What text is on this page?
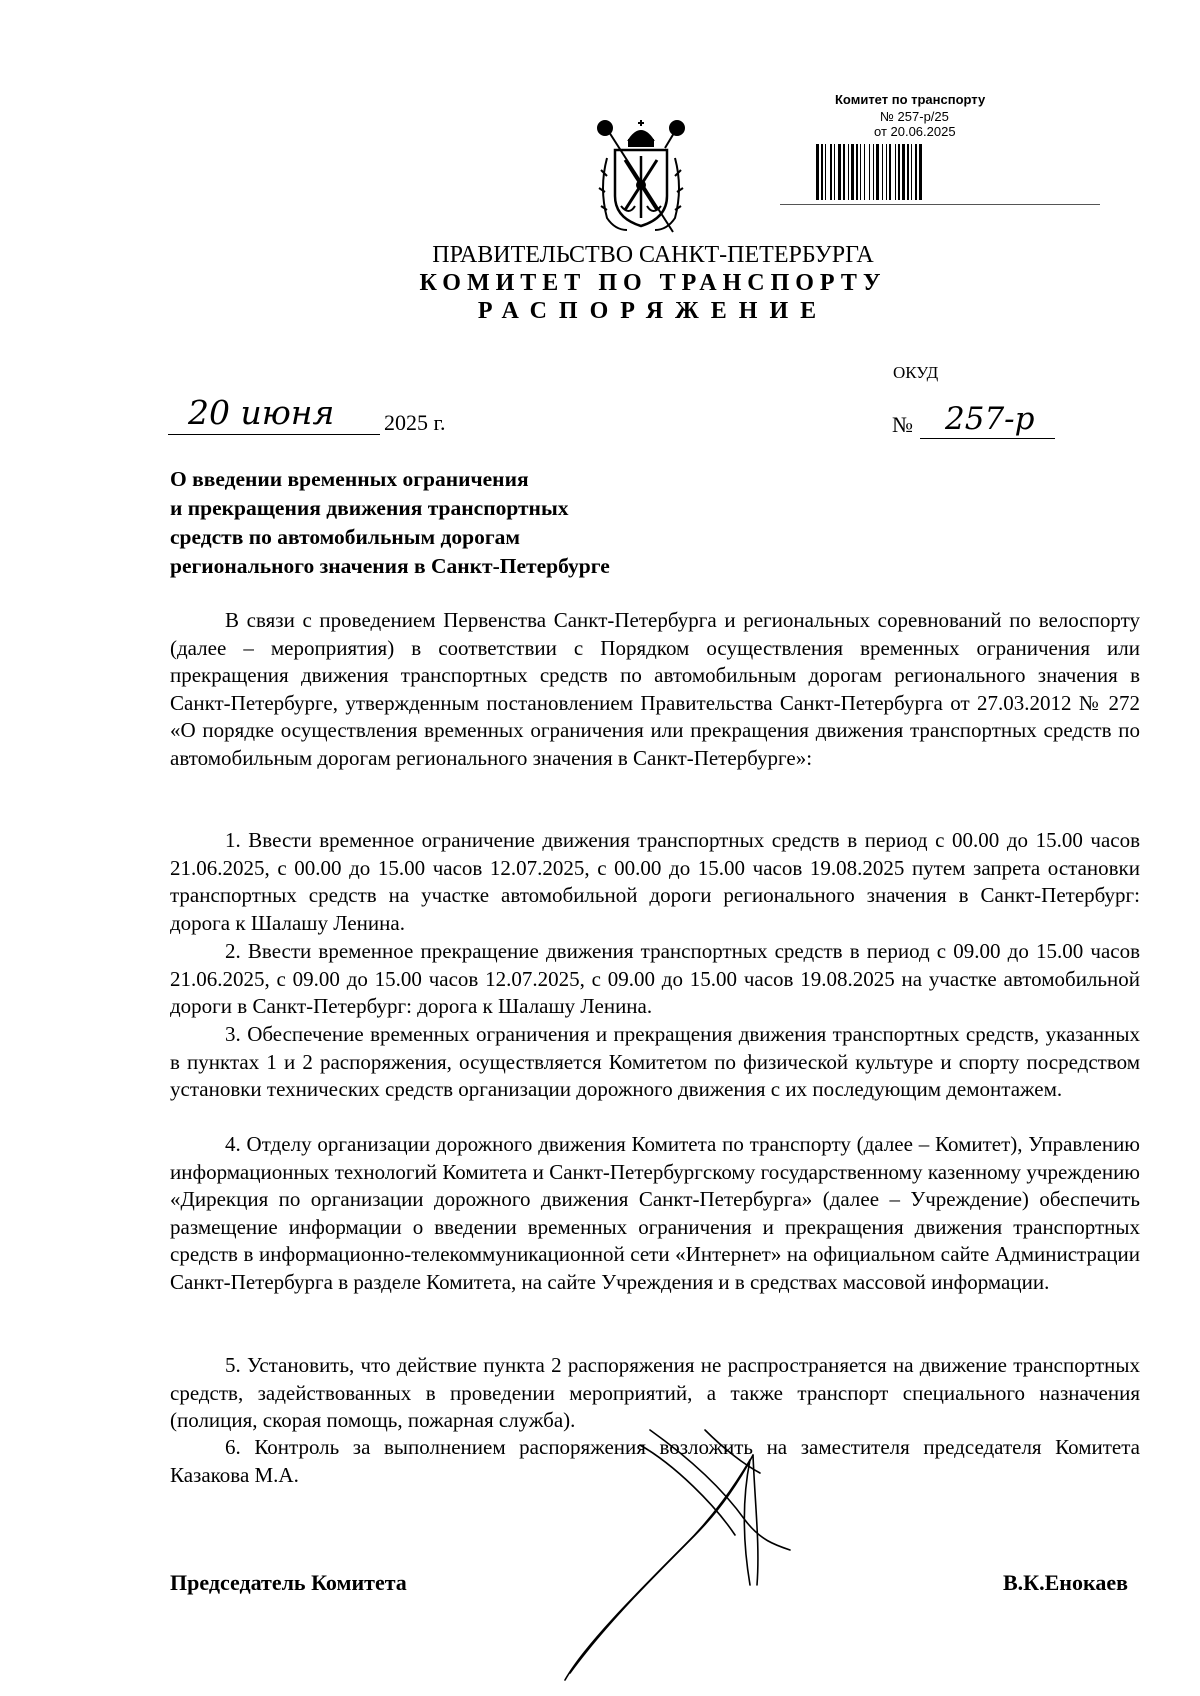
Комитет по транспорту
№ 257-р/25
от 20.06.2025
ПРАВИТЕЛЬСТВО САНКТ-ПЕТЕРБУРГА
КОМИТЕТ ПО ТРАНСПОРТУ
РАСПОРЯЖЕНИЕ
ОКУД
20 июня 2025 г.	№ 257-р
О введении временных ограничения
и прекращения движения транспортных
средств по автомобильным дорогам
регионального значения в Санкт-Петербурге

В связи с проведением Первенства Санкт-Петербурга и региональных соревнований по велоспорту (далее – мероприятия) в соответствии с Порядком осуществления временных ограничения или прекращения движения транспортных средств по автомобильным дорогам регионального значения в Санкт-Петербурге, утвержденным постановлением Правительства Санкт-Петербурга от 27.03.2012 № 272 «О порядке осуществления временных ограничения или прекращения движения транспортных средств по автомобильным дорогам регионального значения в Санкт-Петербурге»:

1. Ввести временное ограничение движения транспортных средств в период с 00.00 до 15.00 часов 21.06.2025, с 00.00 до 15.00 часов 12.07.2025, с 00.00 до 15.00 часов 19.08.2025 путем запрета остановки транспортных средств на участке автомобильной дороги регионального значения в Санкт-Петербург: дорога к Шалашу Ленина.

2. Ввести временное прекращение движения транспортных средств в период с 09.00 до 15.00 часов 21.06.2025, с 09.00 до 15.00 часов 12.07.2025, с 09.00 до 15.00 часов 19.08.2025 на участке автомобильной дороги в Санкт-Петербург: дорога к Шалашу Ленина.

3. Обеспечение временных ограничения и прекращения движения транспортных средств, указанных в пунктах 1 и 2 распоряжения, осуществляется Комитетом по физической культуре и спорту посредством установки технических средств организации дорожного движения с их последующим демонтажем.

4. Отделу организации дорожного движения Комитета по транспорту (далее – Комитет), Управлению информационных технологий Комитета и Санкт-Петербургскому государственному казенному учреждению «Дирекция по организации дорожного движения Санкт-Петербурга» (далее – Учреждение) обеспечить размещение информации о введении временных ограничения и прекращения движения транспортных средств в информационно-телекоммуникационной сети «Интернет» на официальном сайте Администрации Санкт-Петербурга в разделе Комитета, на сайте Учреждения и в средствах массовой информации.

5. Установить, что действие пункта 2 распоряжения не распространяется на движение транспортных средств, задействованных в проведении мероприятий, а также транспорт специального назначения (полиция, скорая помощь, пожарная служба).

6. Контроль за выполнением распоряжения возложить на заместителя председателя Комитета Казакова М.А.

Председатель Комитета	В.К.Енокаев
